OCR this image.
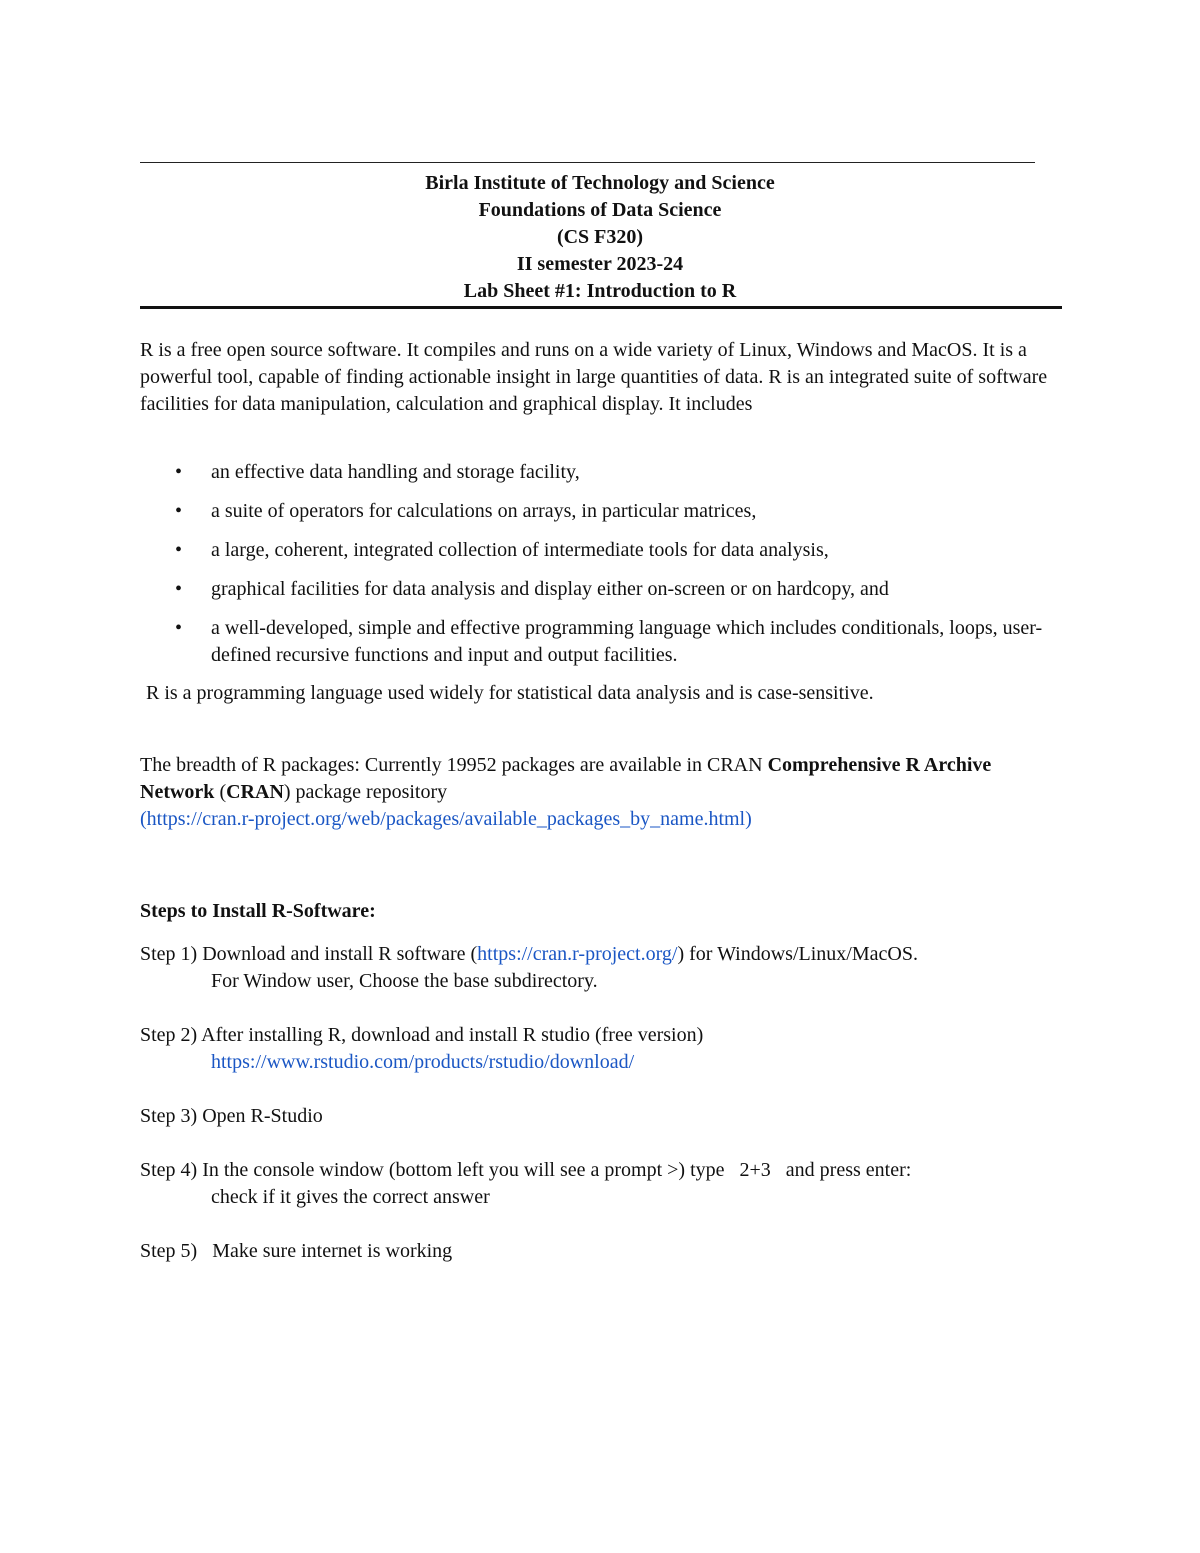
Birla Institute of Technology and Science
Foundations of Data Science
(CS F320)
II semester 2023-24
Lab Sheet #1: Introduction to R
R is a free open source software. It compiles and runs on a wide variety of Linux, Windows and MacOS. It is a powerful tool, capable of finding actionable insight in large quantities of data. R is an integrated suite of software facilities for data manipulation, calculation and graphical display. It includes
• an effective data handling and storage facility,
• a suite of operators for calculations on arrays, in particular matrices,
• a large, coherent, integrated collection of intermediate tools for data analysis,
• graphical facilities for data analysis and display either on-screen or on hardcopy, and
• a well-developed, simple and effective programming language which includes conditionals, loops, user-defined recursive functions and input and output facilities.
R is a programming language used widely for statistical data analysis and is case-sensitive.
The breadth of R packages: Currently 19952 packages are available in CRAN Comprehensive R Archive Network (CRAN) package repository
(https://cran.r-project.org/web/packages/available_packages_by_name.html)
Steps to Install R-Software:
Step 1) Download and install R software (https://cran.r-project.org/) for Windows/Linux/MacOS.
For Window user, Choose the base subdirectory.
Step 2) After installing R, download and install R studio (free version)
https://www.rstudio.com/products/rstudio/download/
Step 3) Open R-Studio
Step 4) In the console window (bottom left you will see a prompt >) type   2+3   and press enter:
check if it gives the correct answer
Step 5)   Make sure internet is working
